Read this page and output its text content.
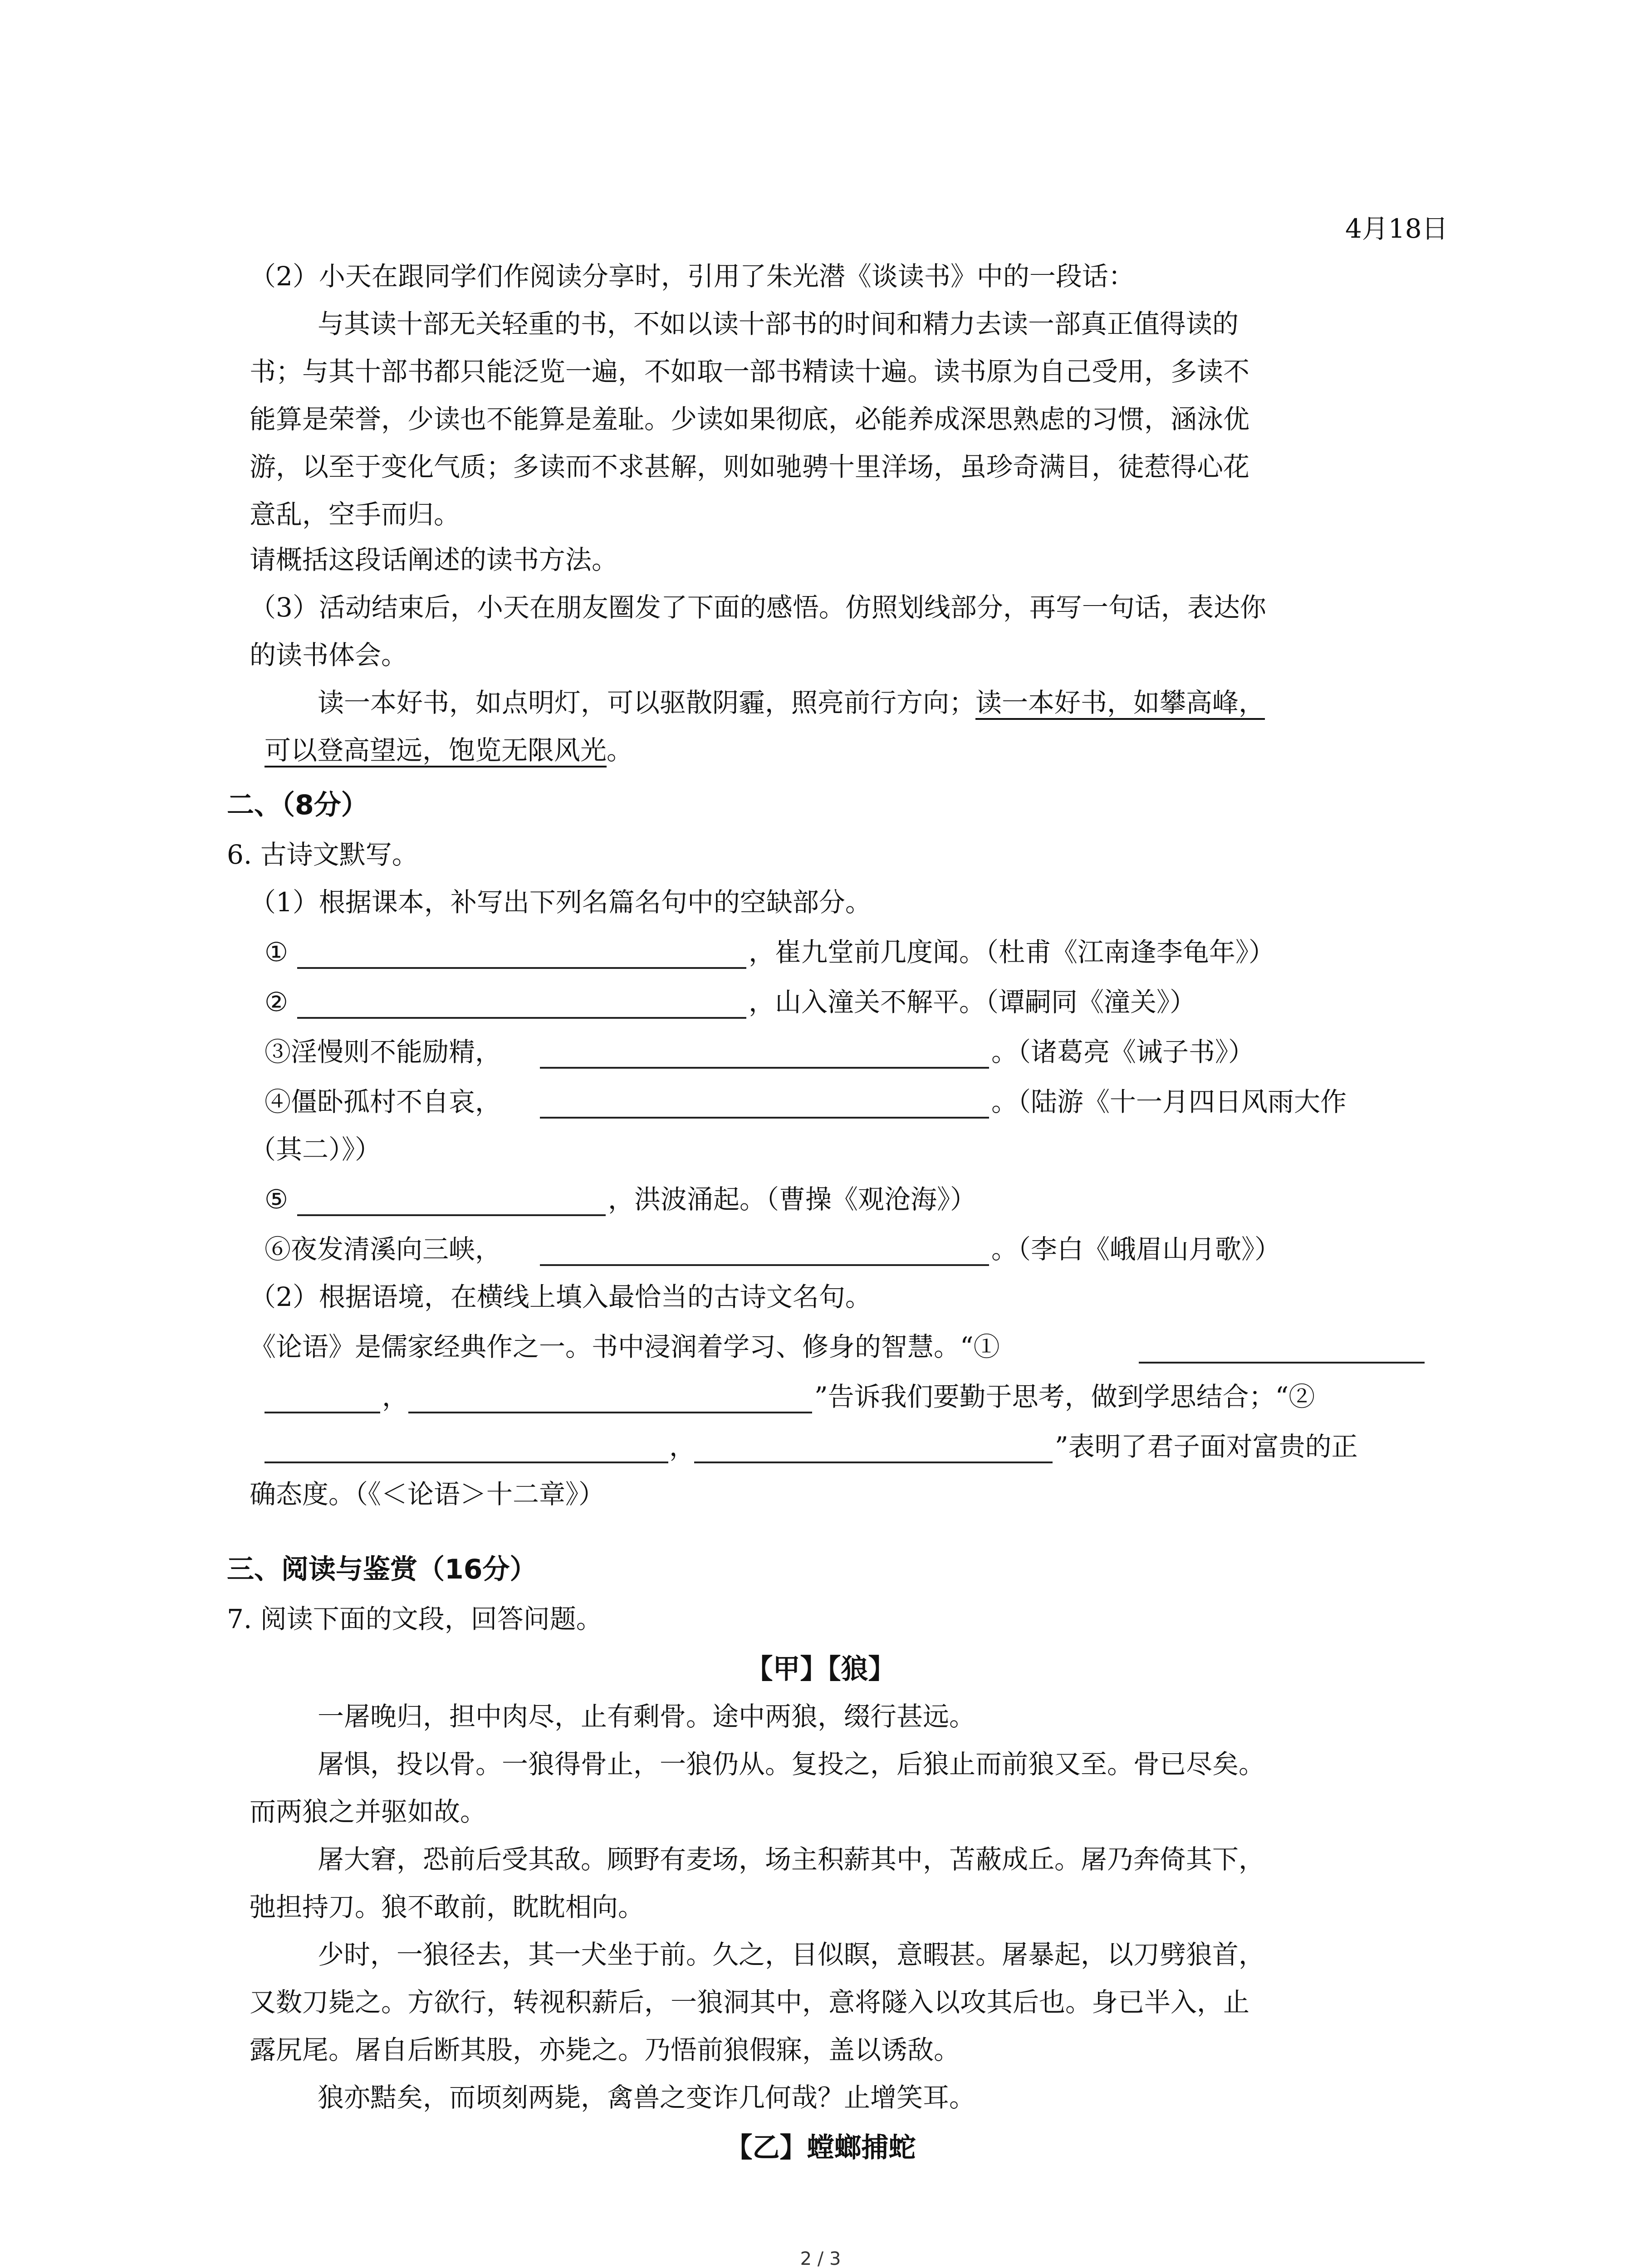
4月18日
（2）小天在跟同学们作阅读分享时，引用了朱光潜《谈读书》中的一段话：
与其读十部无关轻重的书，不如以读十部书的时间和精力去读一部真正值得读的
书；与其十部书都只能泛览一遍，不如取一部书精读十遍。读书原为自己受用，多读不
能算是荣誉，少读也不能算是羞耻。少读如果彻底，必能养成深思熟虑的习惯，涵泳优
游，以至于变化气质；多读而不求甚解，则如驰骋十里洋场，虽珍奇满目，徒惹得心花
意乱，空手而归。
请概括这段话阐述的读书方法。
（3）活动结束后，小天在朋友圈发了下面的感悟。仿照划线部分，再写一句话，表达你
的读书体会。
读一本好书，如点明灯，可以驱散阴霾，照亮前行方向；读一本好书，如攀高峰，
可以登高望远，饱览无限风光。
二、（8分）
6. 古诗文默写。
（1）根据课本，补写出下列名篇名句中的空缺部分。
①	，崔九堂前几度闻。（杜甫《江南逢李龟年》）
②	，山入潼关不解平。（谭嗣同《潼关》）
③淫慢则不能励精，	。（诸葛亮《诫子书》）
④僵卧孤村不自哀，	。（陆游《十一月四日风雨大作
（其二）》）
⑤	，洪波涌起。（曹操《观沧海》）
⑥夜发清溪向三峡，	。（李白《峨眉山月歌》）
（2）根据语境，在横线上填入最恰当的古诗文名句。
《论语》是儒家经典作之一。书中浸润着学习、修身的智慧。“①
，	”告诉我们要勤于思考，做到学思结合；“②
，	”表明了君子面对富贵的正
确态度。（《＜论语＞十二章》）
三、阅读与鉴赏（16分）
7. 阅读下面的文段，回答问题。
【甲】【狼】
一屠晚归，担中肉尽，止有剩骨。途中两狼，缀行甚远。
屠惧，投以骨。一狼得骨止，一狼仍从。复投之，后狼止而前狼又至。骨已尽矣。
而两狼之并驱如故。
屠大窘，恐前后受其敌。顾野有麦场，场主积薪其中，苫蔽成丘。屠乃奔倚其下，
弛担持刀。狼不敢前，眈眈相向。
少时，一狼径去，其一犬坐于前。久之，目似瞑，意暇甚。屠暴起，以刀劈狼首，
又数刀毙之。方欲行，转视积薪后，一狼洞其中，意将隧入以攻其后也。身已半入，止
露尻尾。屠自后断其股，亦毙之。乃悟前狼假寐，盖以诱敌。
狼亦黠矣，而顷刻两毙，禽兽之变诈几何哉？止增笑耳。
【乙】螳螂捕蛇
2 / 3
